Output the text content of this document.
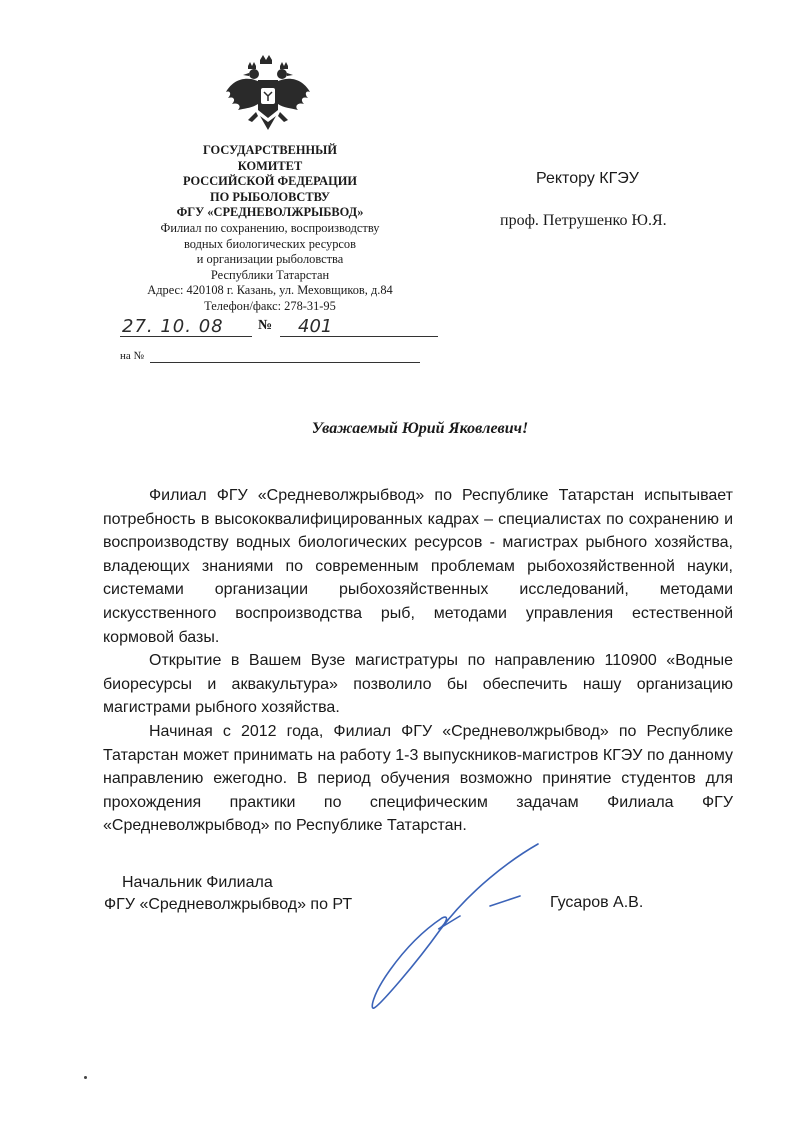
ГОСУДАРСТВЕННЫЙ
КОМИТЕТ
РОССИЙСКОЙ ФЕДЕРАЦИИ
ПО РЫБОЛОВСТВУ
ФГУ «СРЕДНЕВОЛЖРЫБВОД»
Филиал по сохранению, воспроизводству
водных биологических ресурсов
и организации рыболовства
Республики Татарстан
Адрес: 420108 г. Казань, ул. Меховщиков, д.84
Телефон/факс: 278-31-95
27. 10. 08	№	401
на №
Ректору КГЭУ
проф. Петрушенко Ю.Я.
Уважаемый Юрий Яковлевич!

Филиал ФГУ «Средневолжрыбвод» по Республике Татарстан испытывает потребность в высококвалифицированных кадрах – специалистах по сохранению и воспроизводству водных биологических ресурсов - магистрах рыбного хозяйства, владеющих знаниями по современным проблемам рыбохозяйственной науки, системами организации рыбохозяйственных исследований, методами искусственного воспроизводства рыб, методами управления естественной кормовой базы.

Открытие в Вашем Вузе магистратуры по направлению 110900 «Водные биоресурсы и аквакультура» позволило бы обеспечить нашу организацию магистрами рыбного хозяйства.

Начиная с 2012 года, Филиал ФГУ «Средневолжрыбвод» по Республике Татарстан может принимать на работу 1-3 выпускников-магистров КГЭУ по данному направлению ежегодно. В период обучения возможно принятие студентов для прохождения практики по специфическим задачам Филиала ФГУ «Средневолжрыбвод» по Республике Татарстан.

Начальник Филиала
ФГУ «Средневолжрыбвод» по РТ	Гусаров А.В.
